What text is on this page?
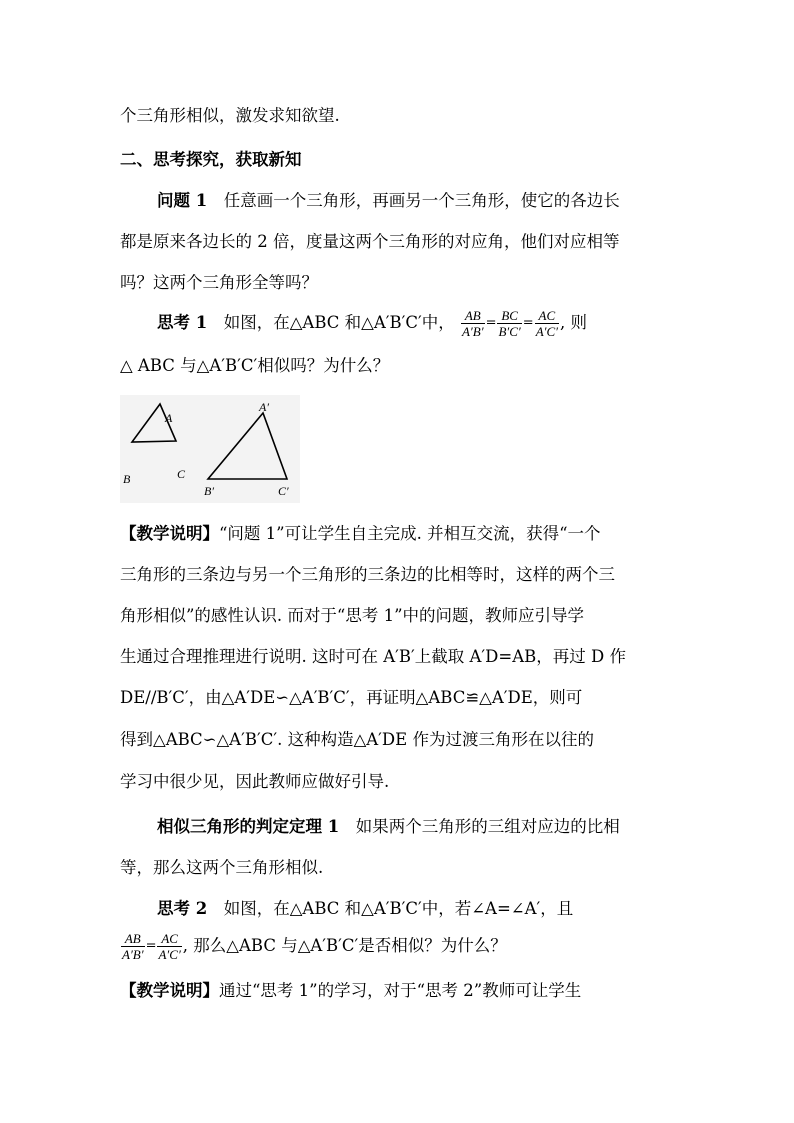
个三角形相似，激发求知欲望.
二、思考探究，获取新知
问题 1　任意画一个三角形，再画另一个三角形，使它的各边长
都是原来各边长的 2 倍，度量这两个三角形的对应角，他们对应相等
吗？这两个三角形全等吗？
思考 1　如图，在△ABC 和△A′B′C′中， $\frac{AB}{A'B'} = \frac{BC}{B'C'} = \frac{AC}{A'C'}$ , 则
△ ABC 与△A′B′C′相似吗？为什么？
A
B	C
A′
B′	C′
【教学说明】“问题 1”可让学生自主完成. 并相互交流，获得“一个
三角形的三条边与另一个三角形的三条边的比相等时，这样的两个三
角形相似”的感性认识. 而对于“思考 1”中的问题，教师应引导学
生通过合理推理进行说明. 这时可在 A′B′上截取 A′D=AB，再过 D 作
DE//B′C′，由△A′DE∽△A′B′C′，再证明△ABC≌△A′DE，则可
得到△ABC∽△A′B′C′. 这种构造△A′DE 作为过渡三角形在以往的
学习中很少见，因此教师应做好引导.
相似三角形的判定定理 1　如果两个三角形的三组对应边的比相
等，那么这两个三角形相似.
思考 2　如图，在△ABC 和△A′B′C′中，若∠A=∠A′，且
$\frac{AB}{A'B'} = \frac{AC}{A'C'}$ , 那么△ABC 与△A′B′C′是否相似？为什么？
【教学说明】通过“思考 1”的学习，对于“思考 2”教师可让学生
